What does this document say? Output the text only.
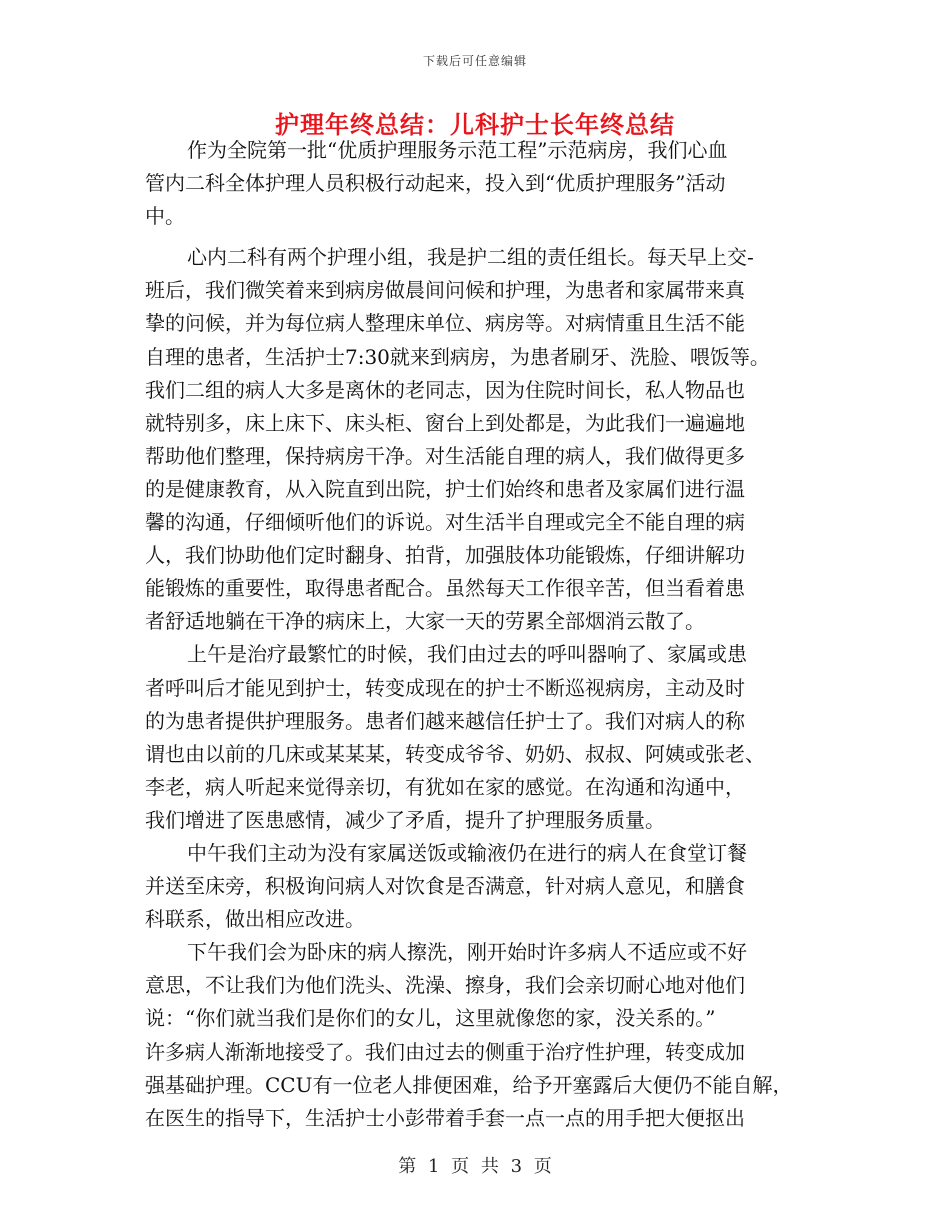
下载后可任意编辑
护理年终总结：儿科护士长年终总结

作为全院第一批“优质护理服务示范工程”示范病房，我们心血
管内二科全体护理人员积极行动起来，投入到“优质护理服务”活动
中。

心内二科有两个护理小组，我是护二组的责任组长。每天早上交-
班后，我们微笑着来到病房做晨间问候和护理，为患者和家属带来真
挚的问候，并为每位病人整理床单位、病房等。对病情重且生活不能
自理的患者，生活护士7:30就来到病房，为患者刷牙、洗脸、喂饭等。
我们二组的病人大多是离休的老同志，因为住院时间长，私人物品也
就特别多，床上床下、床头柜、窗台上到处都是，为此我们一遍遍地
帮助他们整理，保持病房干净。对生活能自理的病人，我们做得更多
的是健康教育，从入院直到出院，护士们始终和患者及家属们进行温
馨的沟通，仔细倾听他们的诉说。对生活半自理或完全不能自理的病
人，我们协助他们定时翻身、拍背，加强肢体功能锻炼，仔细讲解功
能锻炼的重要性，取得患者配合。虽然每天工作很辛苦，但当看着患
者舒适地躺在干净的病床上，大家一天的劳累全部烟消云散了。

上午是治疗最繁忙的时候，我们由过去的呼叫器响了、家属或患
者呼叫后才能见到护士，转变成现在的护士不断巡视病房，主动及时
的为患者提供护理服务。患者们越来越信任护士了。我们对病人的称
谓也由以前的几床或某某某，转变成爷爷、奶奶、叔叔、阿姨或张老、
李老，病人听起来觉得亲切，有犹如在家的感觉。在沟通和沟通中，
我们增进了医患感情，减少了矛盾，提升了护理服务质量。

中午我们主动为没有家属送饭或输液仍在进行的病人在食堂订餐
并送至床旁，积极询问病人对饮食是否满意，针对病人意见，和膳食
科联系，做出相应改进。

下午我们会为卧床的病人擦洗，刚开始时许多病人不适应或不好
意思，不让我们为他们洗头、洗澡、擦身，我们会亲切耐心地对他们
说：“你们就当我们是你们的女儿，这里就像您的家，没关系的。”
许多病人渐渐地接受了。我们由过去的侧重于治疗性护理，转变成加
强基础护理。CCU有一位老人排便困难，给予开塞露后大便仍不能自解，
在医生的指导下，生活护士小彭带着手套一点一点的用手把大便抠出

第 1 页 共 3 页
